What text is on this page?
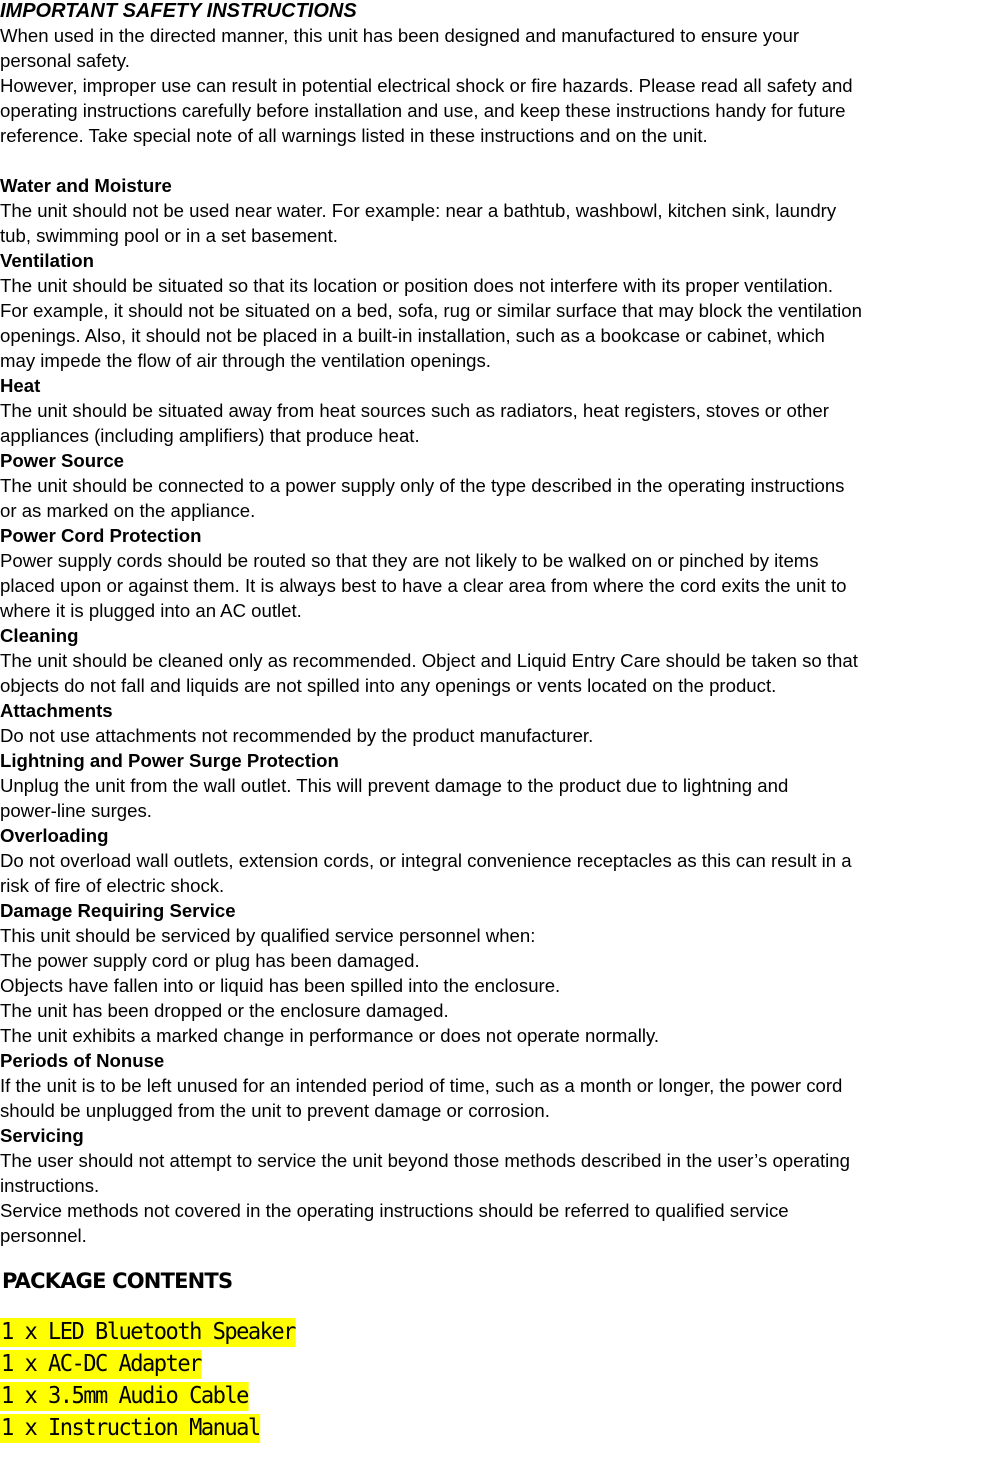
IMPORTANT SAFETY INSTRUCTIONS
When used in the directed manner, this unit has been designed and manufactured to ensure your
personal safety.
However, improper use can result in potential electrical shock or fire hazards. Please read all safety and
operating instructions carefully before installation and use, and keep these instructions handy for future
reference. Take special note of all warnings listed in these instructions and on the unit.
Water and Moisture
The unit should not be used near water. For example: near a bathtub, washbowl, kitchen sink, laundry
tub, swimming pool or in a set basement.
Ventilation
The unit should be situated so that its location or position does not interfere with its proper ventilation.
For example, it should not be situated on a bed, sofa, rug or similar surface that may block the ventilation
openings. Also, it should not be placed in a built-in installation, such as a bookcase or cabinet, which
may impede the flow of air through the ventilation openings.
Heat
The unit should be situated away from heat sources such as radiators, heat registers, stoves or other
appliances (including amplifiers) that produce heat.
Power Source
The unit should be connected to a power supply only of the type described in the operating instructions
or as marked on the appliance.
Power Cord Protection
Power supply cords should be routed so that they are not likely to be walked on or pinched by items
placed upon or against them. It is always best to have a clear area from where the cord exits the unit to
where it is plugged into an AC outlet.
Cleaning
The unit should be cleaned only as recommended. Object and Liquid Entry Care should be taken so that
objects do not fall and liquids are not spilled into any openings or vents located on the product.
Attachments
Do not use attachments not recommended by the product manufacturer.
Lightning and Power Surge Protection
Unplug the unit from the wall outlet. This will prevent damage to the product due to lightning and
power-line surges.
Overloading
Do not overload wall outlets, extension cords, or integral convenience receptacles as this can result in a
risk of fire of electric shock.
Damage Requiring Service
This unit should be serviced by qualified service personnel when:
The power supply cord or plug has been damaged.
Objects have fallen into or liquid has been spilled into the enclosure.
The unit has been dropped or the enclosure damaged.
The unit exhibits a marked change in performance or does not operate normally.
Periods of Nonuse
If the unit is to be left unused for an intended period of time, such as a month or longer, the power cord
should be unplugged from the unit to prevent damage or corrosion.
Servicing
The user should not attempt to service the unit beyond those methods described in the user’s operating
instructions.
Service methods not covered in the operating instructions should be referred to qualified service
personnel.
PACKAGE CONTENTS
1 x LED Bluetooth Speaker
1 x AC-DC Adapter
1 x 3.5mm Audio Cable
1 x Instruction Manual
